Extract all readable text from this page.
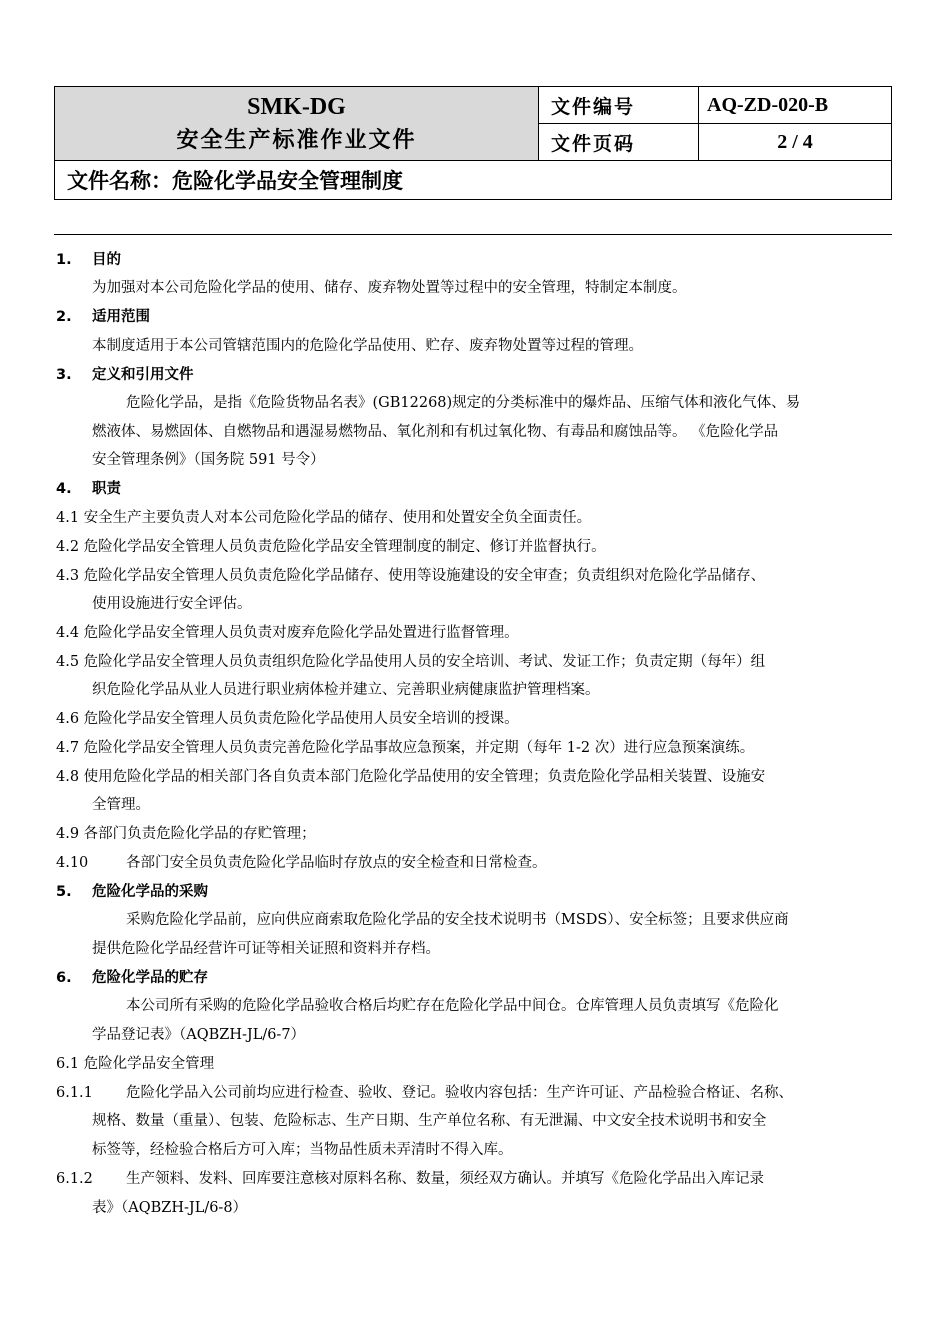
SMK-DG
安全生产标准作业文件
文件编号	AQ-ZD-020-B
文件页码	2 / 4
文件名称：危险化学品安全管理制度
1. 目的
为加强对本公司危险化学品的使用、储存、废弃物处置等过程中的安全管理，特制定本制度。
2. 适用范围
本制度适用于本公司管辖范围内的危险化学品使用、贮存、废弃物处置等过程的管理。
3. 定义和引用文件
危险化学品，是指《危险货物品名表》(GB12268)规定的分类标准中的爆炸品、压缩气体和液化气体、易
燃液体、易燃固体、自燃物品和遇湿易燃物品、氧化剂和有机过氧化物、有毒品和腐蚀品等。 《危险化学品
安全管理条例》（国务院 591 号令）
4. 职责
4.1 安全生产主要负责人对本公司危险化学品的储存、使用和处置安全负全面责任。
4.2 危险化学品安全管理人员负责危险化学品安全管理制度的制定、修订并监督执行。
4.3 危险化学品安全管理人员负责危险化学品储存、使用等设施建设的安全审查；负责组织对危险化学品储存、
使用设施进行安全评估。
4.4 危险化学品安全管理人员负责对废弃危险化学品处置进行监督管理。
4.5 危险化学品安全管理人员负责组织危险化学品使用人员的安全培训、考试、发证工作；负责定期（每年）组
织危险化学品从业人员进行职业病体检并建立、完善职业病健康监护管理档案。
4.6 危险化学品安全管理人员负责危险化学品使用人员安全培训的授课。
4.7 危险化学品安全管理人员负责完善危险化学品事故应急预案，并定期（每年 1-2 次）进行应急预案演练。
4.8 使用危险化学品的相关部门各自负责本部门危险化学品使用的安全管理；负责危险化学品相关装置、设施安
全管理。
4.9 各部门负责危险化学品的存贮管理；
4.10	各部门安全员负责危险化学品临时存放点的安全检查和日常检查。
5. 危险化学品的采购
采购危险化学品前，应向供应商索取危险化学品的安全技术说明书（MSDS）、安全标签；且要求供应商
提供危险化学品经营许可证等相关证照和资料并存档。
6. 危险化学品的贮存
本公司所有采购的危险化学品验收合格后均贮存在危险化学品中间仓。仓库管理人员负责填写《危险化
学品登记表》（AQBZH-JL/6-7）
6.1 危险化学品安全管理
6.1.1 危险化学品入公司前均应进行检查、验收、登记。验收内容包括：生产许可证、产品检验合格证、名称、
规格、数量（重量）、包装、危险标志、生产日期、生产单位名称、有无泄漏、中文安全技术说明书和安全
标签等，经检验合格后方可入库；当物品性质未弄清时不得入库。
6.1.2 生产领料、发料、回库要注意核对原料名称、数量，须经双方确认。并填写《危险化学品出入库记录
表》（AQBZH-JL/6-8）
